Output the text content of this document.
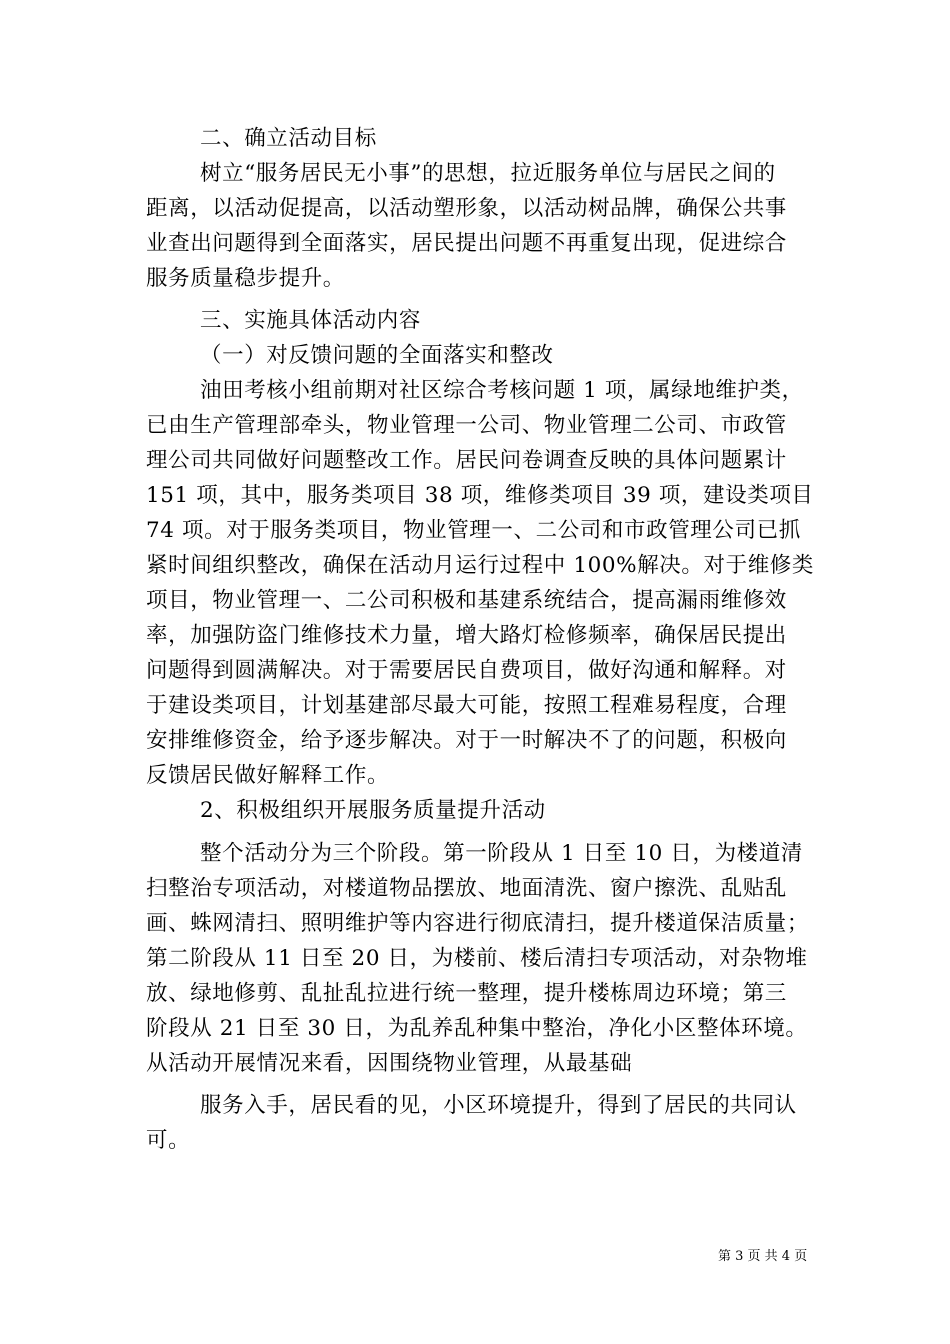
二、确立活动目标
树立“服务居民无小事”的思想，拉近服务单位与居民之间的
距离，以活动促提高，以活动塑形象，以活动树品牌，确保公共事
业查出问题得到全面落实，居民提出问题不再重复出现，促进综合
服务质量稳步提升。
三、实施具体活动内容
（一）对反馈问题的全面落实和整改
油田考核小组前期对社区综合考核问题 1 项，属绿地维护类，
已由生产管理部牵头，物业管理一公司、物业管理二公司、市政管
理公司共同做好问题整改工作。居民问卷调查反映的具体问题累计
151 项，其中，服务类项目 38 项，维修类项目 39 项，建设类项目
74 项。对于服务类项目，物业管理一、二公司和市政管理公司已抓
紧时间组织整改，确保在活动月运行过程中 100%解决。对于维修类
项目，物业管理一、二公司积极和基建系统结合，提高漏雨维修效
率，加强防盗门维修技术力量，增大路灯检修频率，确保居民提出
问题得到圆满解决。对于需要居民自费项目，做好沟通和解释。对
于建设类项目，计划基建部尽最大可能，按照工程难易程度，合理
安排维修资金，给予逐步解决。对于一时解决不了的问题，积极向
反馈居民做好解释工作。
2、积极组织开展服务质量提升活动
整个活动分为三个阶段。第一阶段从 1 日至 10 日，为楼道清
扫整治专项活动，对楼道物品摆放、地面清洗、窗户擦洗、乱贴乱
画、蛛网清扫、照明维护等内容进行彻底清扫，提升楼道保洁质量；
第二阶段从 11 日至 20 日，为楼前、楼后清扫专项活动，对杂物堆
放、绿地修剪、乱扯乱拉进行统一整理，提升楼栋周边环境；第三
阶段从 21 日至 30 日，为乱养乱种集中整治，净化小区整体环境。
从活动开展情况来看，因围绕物业管理，从最基础
服务入手，居民看的见，小区环境提升，得到了居民的共同认
可。
第 3 页 共 4 页
